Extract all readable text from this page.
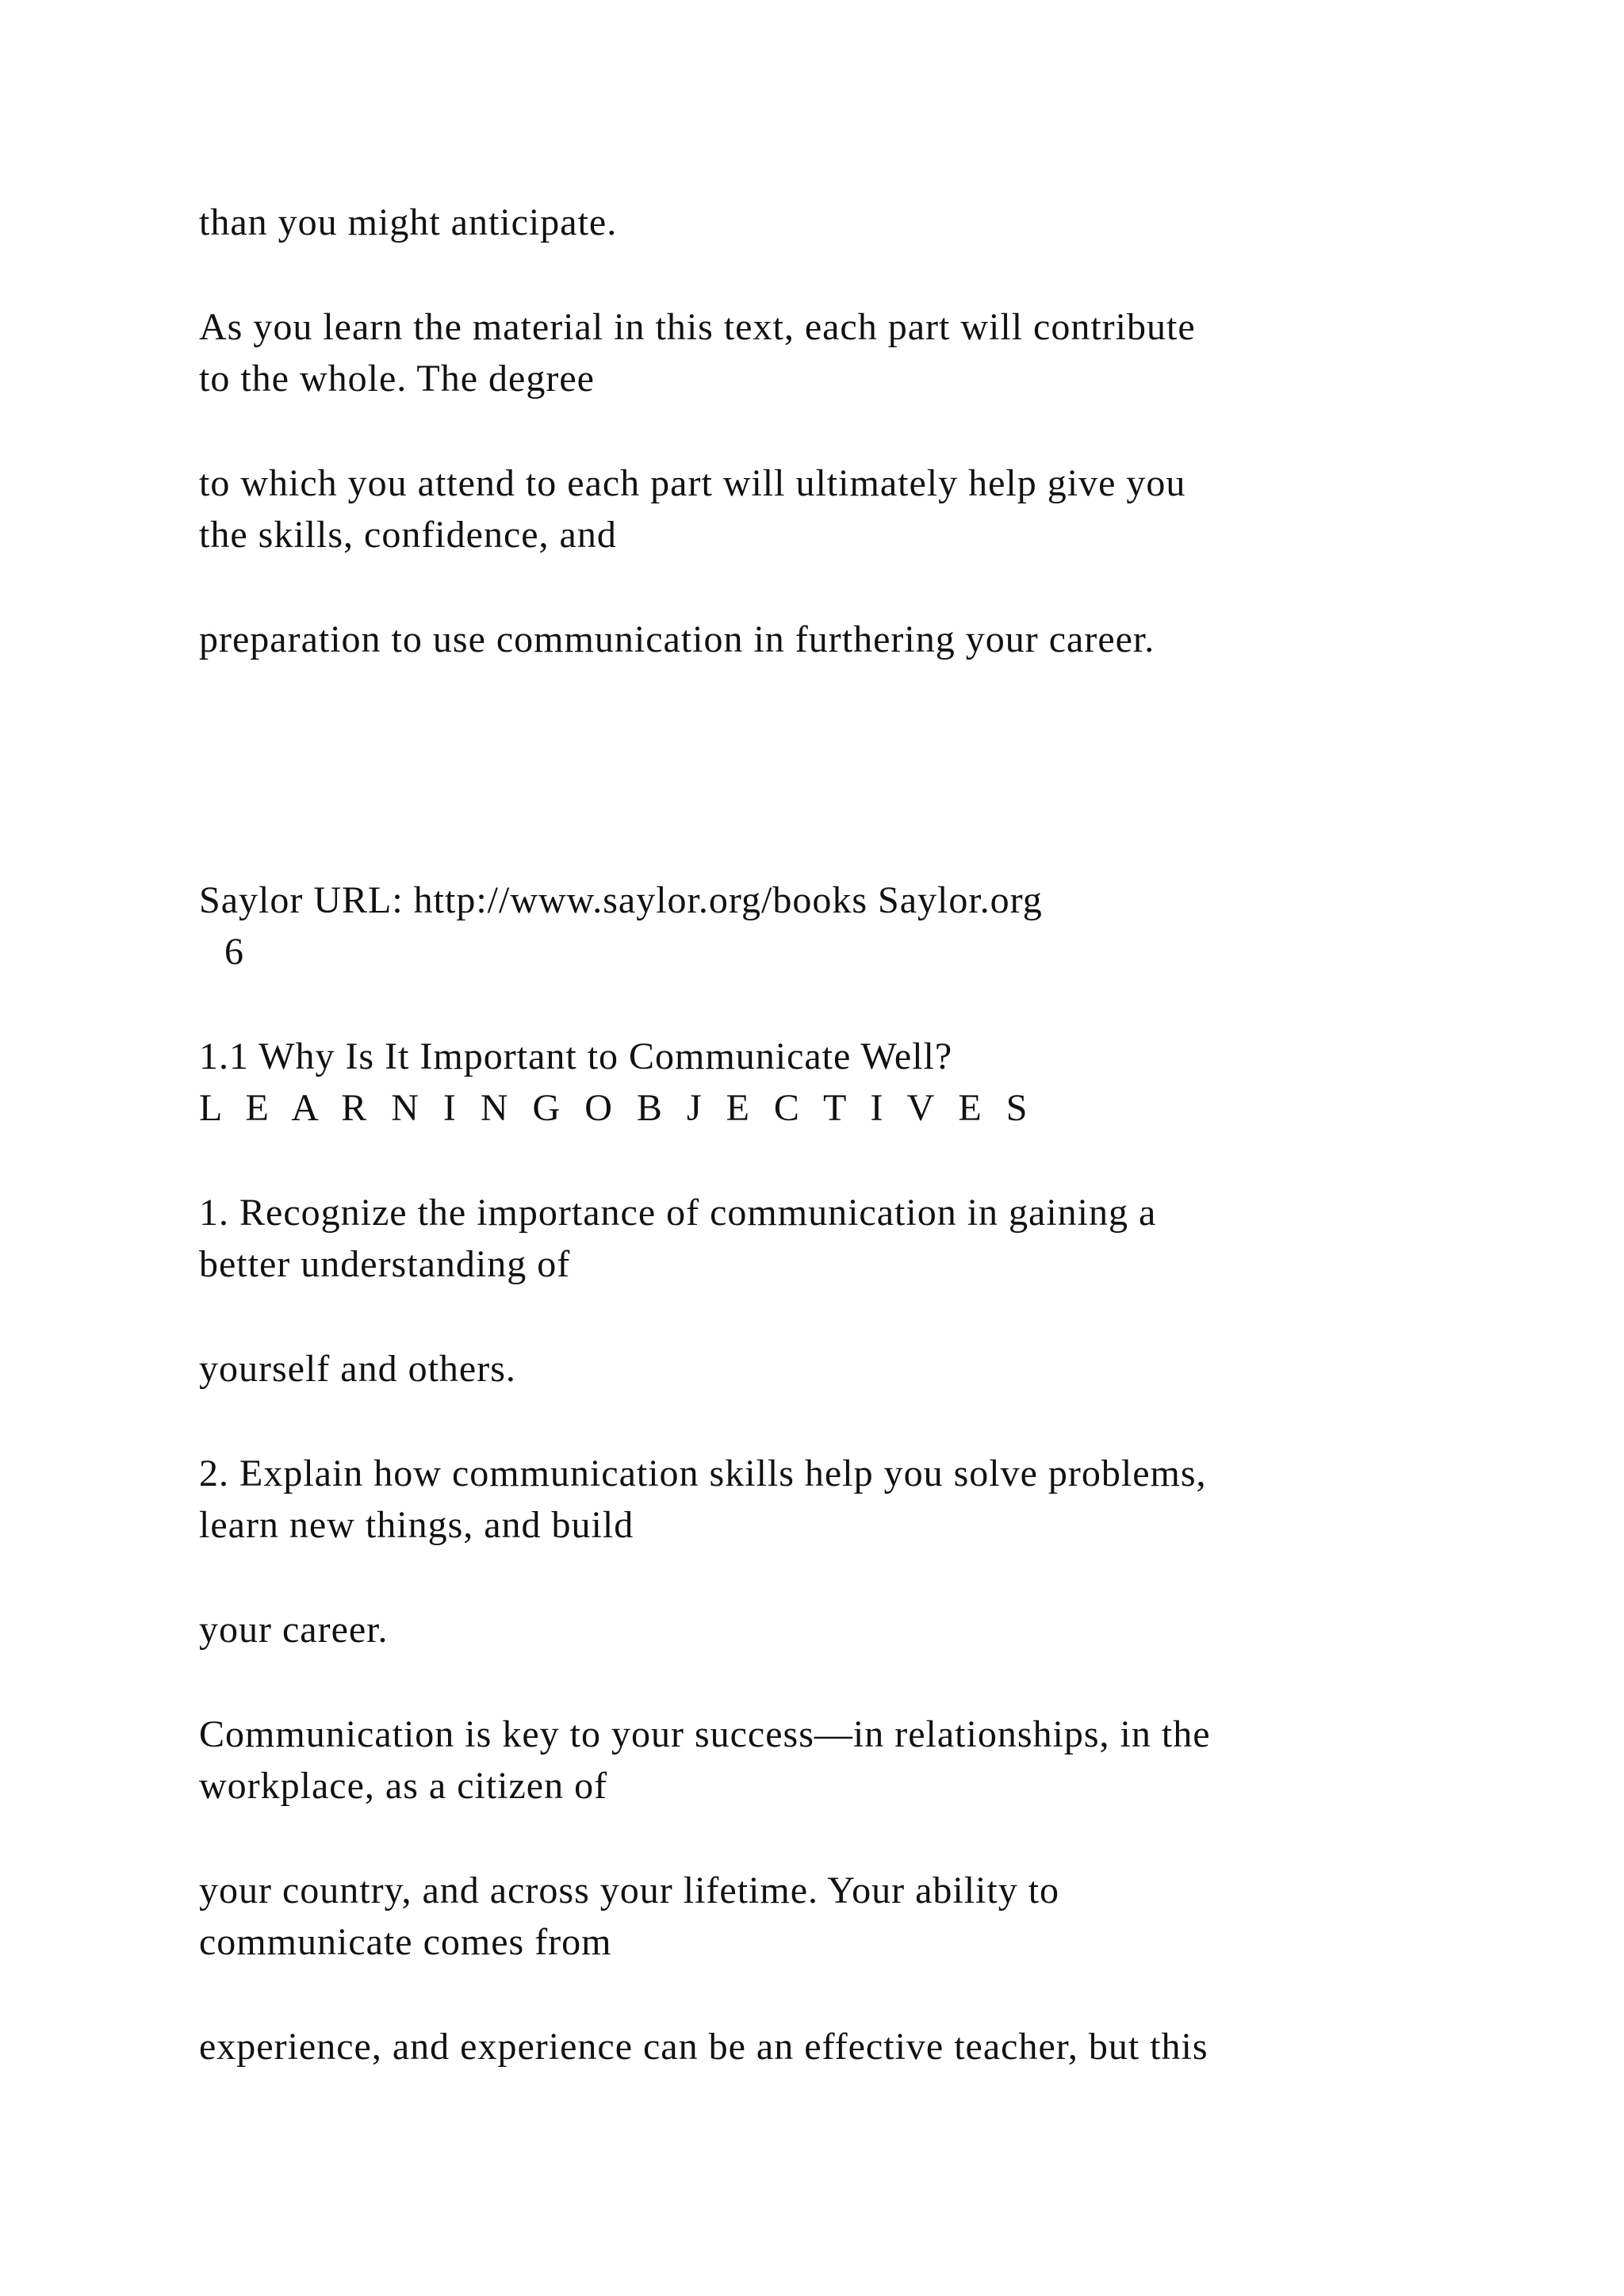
than you might anticipate.

As you learn the material in this text, each part will contribute

to the whole. The degree

to which you attend to each part will ultimately help give you

the skills, confidence, and

preparation to use communication in furthering your career.

Saylor URL: http://www.saylor.org/books Saylor.org

6

1.1 Why Is It Important to Communicate Well?

L E A R N I N G O B J E C T I V E S

1. Recognize the importance of communication in gaining a

better understanding of

yourself and others.

2. Explain how communication skills help you solve problems,

learn new things, and build

your career.

Communication is key to your success—in relationships, in the

workplace, as a citizen of

your country, and across your lifetime. Your ability to

communicate comes from

experience, and experience can be an effective teacher, but this
